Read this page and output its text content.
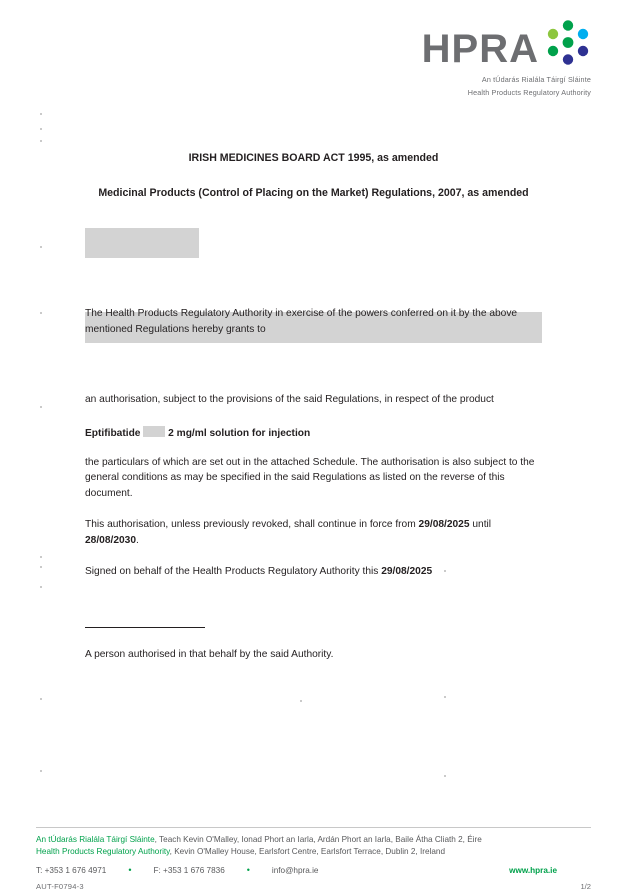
HPRA
An tÚdarás Rialála Táirgí Sláinte
Health Products Regulatory Authority
IRISH MEDICINES BOARD ACT 1995, as amended
Medicinal Products (Control of Placing on the Market) Regulations, 2007, as amended
The Health Products Regulatory Authority in exercise of the powers conferred on it by the above mentioned Regulations hereby grants to
an authorisation, subject to the provisions of the said Regulations, in respect of the product
Eptifibatide	2 mg/ml solution for injection
the particulars of which are set out in the attached Schedule. The authorisation is also subject to the general conditions as may be specified in the said Regulations as listed on the reverse of this document.
This authorisation, unless previously revoked, shall continue in force from 29/08/2025 until 28/08/2030.
Signed on behalf of the Health Products Regulatory Authority this 29/08/2025
A person authorised in that behalf by the said Authority.
An tÚdarás Rialála Táirgí Sláinte, Teach Kevin O'Malley, Ionad Phort an Iarla, Ardán Phort an Iarla, Baile Átha Cliath 2, Éire
Health Products Regulatory Authority, Kevin O'Malley House, Earlsfort Centre, Earlsfort Terrace, Dublin 2, Ireland
T: +353 1 676 4971 •	F: +353 1 676 7836 •	info@hpra.ie	www.hpra.ie
AUT-F0794-3	1/2
